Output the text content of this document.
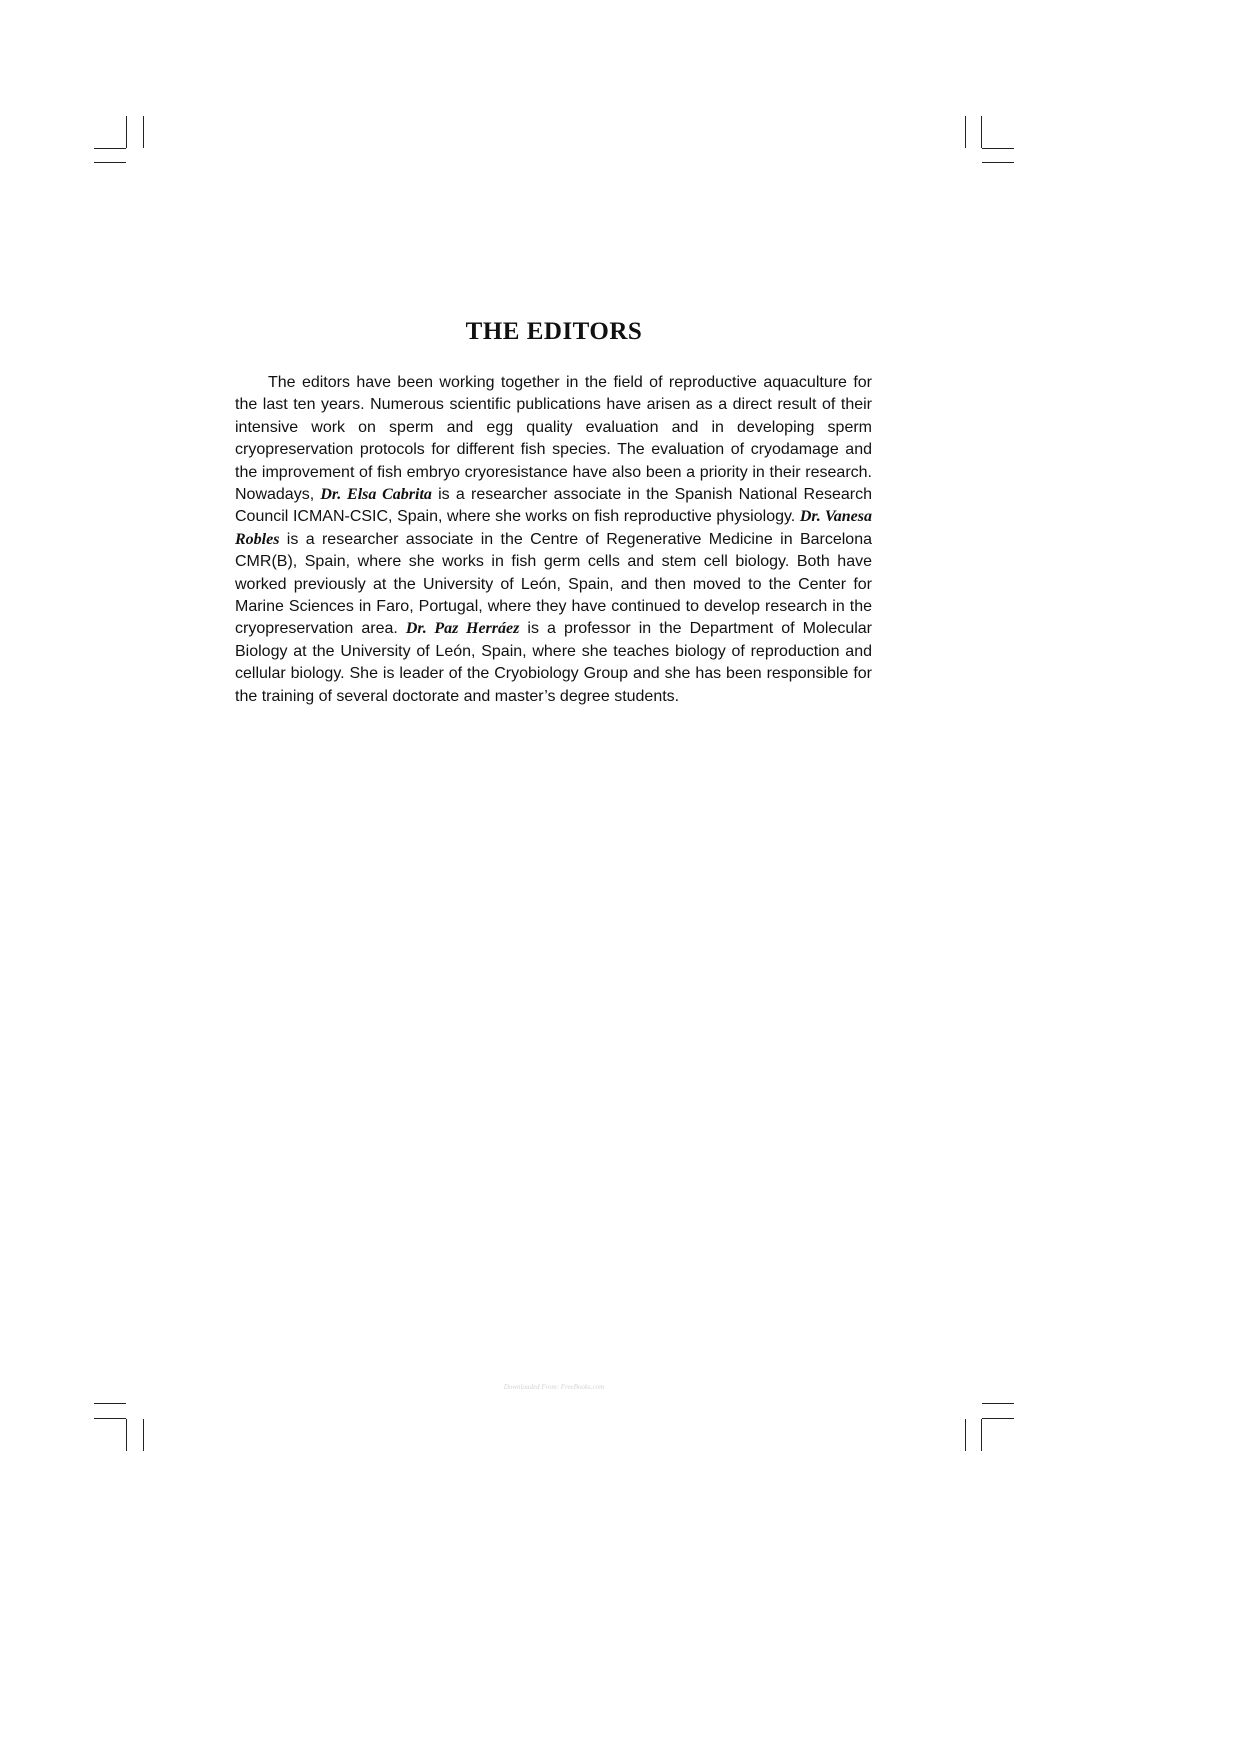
THE EDITORS

The editors have been working together in the field of reproductive aquaculture for the last ten years. Numerous scientific publications have arisen as a direct result of their intensive work on sperm and egg quality evaluation and in developing sperm cryopreservation protocols for different fish species. The evaluation of cryodamage and the improvement of fish embryo cryoresistance have also been a priority in their research. Nowadays, Dr. Elsa Cabrita is a researcher associate in the Spanish National Research Council ICMAN-CSIC, Spain, where she works on fish reproductive physiology. Dr. Vanesa Robles is a researcher associate in the Centre of Regenerative Medicine in Barcelona CMR(B), Spain, where she works in fish germ cells and stem cell biology. Both have worked previously at the University of León, Spain, and then moved to the Center for Marine Sciences in Faro, Portugal, where they have continued to develop research in the cryopreservation area. Dr. Paz Herráez is a professor in the Department of Molecular Biology at the University of León, Spain, where she teaches biology of reproduction and cellular biology. She is leader of the Cryobiology Group and she has been responsible for the training of several doctorate and master’s degree students.

Downloaded From: FreeBooks.com
